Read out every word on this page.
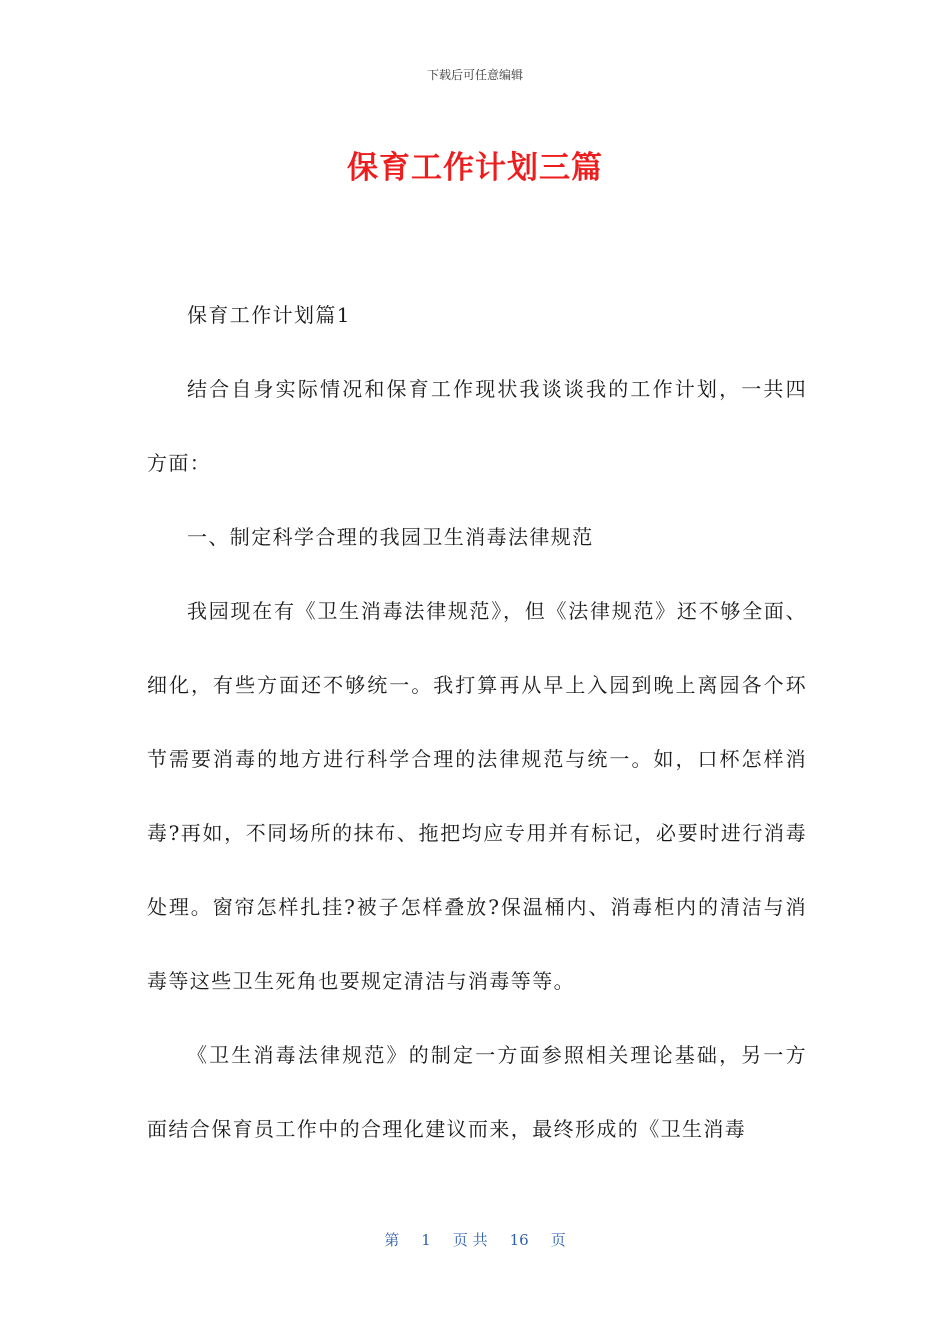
下载后可任意编辑
保育工作计划三篇

保育工作计划篇1

结合自身实际情况和保育工作现状我谈谈我的工作计划，一共四方面：

一、制定科学合理的我园卫生消毒法律规范

我园现在有《卫生消毒法律规范》，但《法律规范》还不够全面、细化，有些方面还不够统一。我打算再从早上入园到晚上离园各个环节需要消毒的地方进行科学合理的法律规范与统一。如，口杯怎样消毒?再如，不同场所的抹布、拖把均应专用并有标记，必要时进行消毒处理。窗帘怎样扎挂?被子怎样叠放?保温桶内、消毒柜内的清洁与消毒等这些卫生死角也要规定清洁与消毒等等。

《卫生消毒法律规范》的制定一方面参照相关理论基础，另一方面结合保育员工作中的合理化建议而来，最终形成的《卫生消毒

第 1 页 共 16 页
